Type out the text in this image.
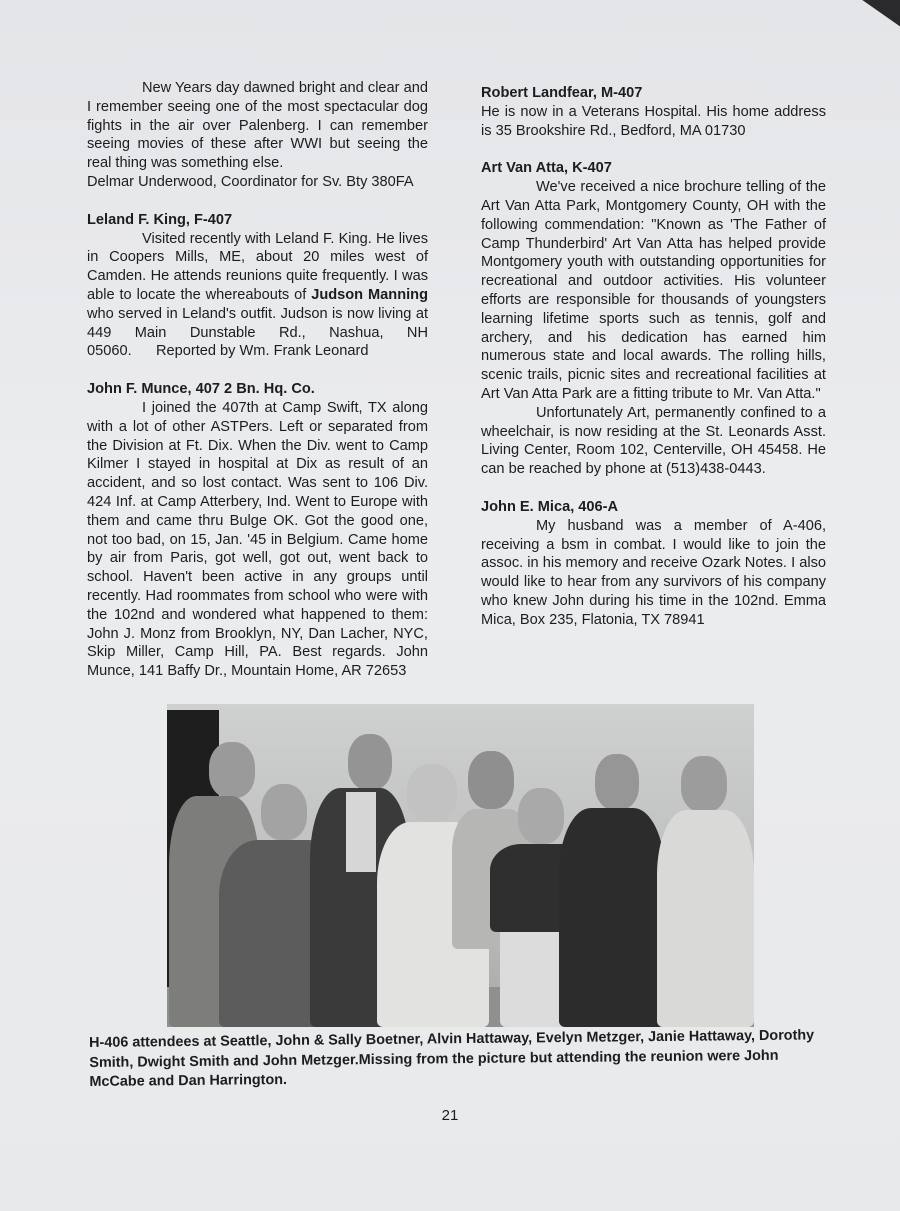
New Years day dawned bright and clear and I remember seeing one of the most spectacular dog fights in the air over Palenberg. I can remember seeing movies of these after WWI but seeing the real thing was something else.

Delmar Underwood, Coordinator for Sv. Bty 380FA

Leland F. King, F-407

Visited recently with Leland F. King. He lives in Coopers Mills, ME, about 20 miles west of Camden. He attends reunions quite frequently. I was able to locate the whereabouts of Judson Manning who served in Leland's outfit. Judson is now living at 449 Main Dunstable Rd., Nashua, NH 05060. Reported by Wm. Frank Leonard

John F. Munce, 407 2 Bn. Hq. Co.

I joined the 407th at Camp Swift, TX along with a lot of other ASTPers. Left or separated from the Division at Ft. Dix. When the Div. went to Camp Kilmer I stayed in hospital at Dix as result of an accident, and so lost contact. Was sent to 106 Div. 424 Inf. at Camp Atterbery, Ind. Went to Europe with them and came thru Bulge OK. Got the good one, not too bad, on 15, Jan. '45 in Belgium. Came home by air from Paris, got well, got out, went back to school. Haven't been active in any groups until recently. Had roommates from school who were with the 102nd and wondered what happened to them: John J. Monz from Brooklyn, NY, Dan Lacher, NYC, Skip Miller, Camp Hill, PA. Best regards. John Munce, 141 Baffy Dr., Mountain Home, AR 72653

Robert Landfear, M-407

He is now in a Veterans Hospital. His home address is 35 Brookshire Rd., Bedford, MA 01730

Art Van Atta, K-407

We've received a nice brochure telling of the Art Van Atta Park, Montgomery County, OH with the following commendation: "Known as 'The Father of Camp Thunderbird' Art Van Atta has helped provide Montgomery youth with outstanding opportunities for recreational and outdoor activities. His volunteer efforts are responsible for thousands of youngsters learning lifetime sports such as tennis, golf and archery, and his dedication has earned him numerous state and local awards. The rolling hills, scenic trails, picnic sites and recreational facilities at Art Van Atta Park are a fitting tribute to Mr. Van Atta."

Unfortunately Art, permanently confined to a wheelchair, is now residing at the St. Leonards Asst. Living Center, Room 102, Centerville, OH 45458. He can be reached by phone at (513)438-0443.

John E. Mica, 406-A

My husband was a member of A-406, receiving a bsm in combat. I would like to join the assoc. in his memory and receive Ozark Notes. I also would like to hear from any survivors of his company who knew John during his time in the 102nd. Emma Mica, Box 235, Flatonia, TX 78941

H-406 attendees at Seattle, John & Sally Boetner, Alvin Hattaway, Evelyn Metzger, Janie Hattaway, Dorothy Smith, Dwight Smith and John Metzger.Missing from the picture but attending the reunion were John McCabe and Dan Harrington.
21
